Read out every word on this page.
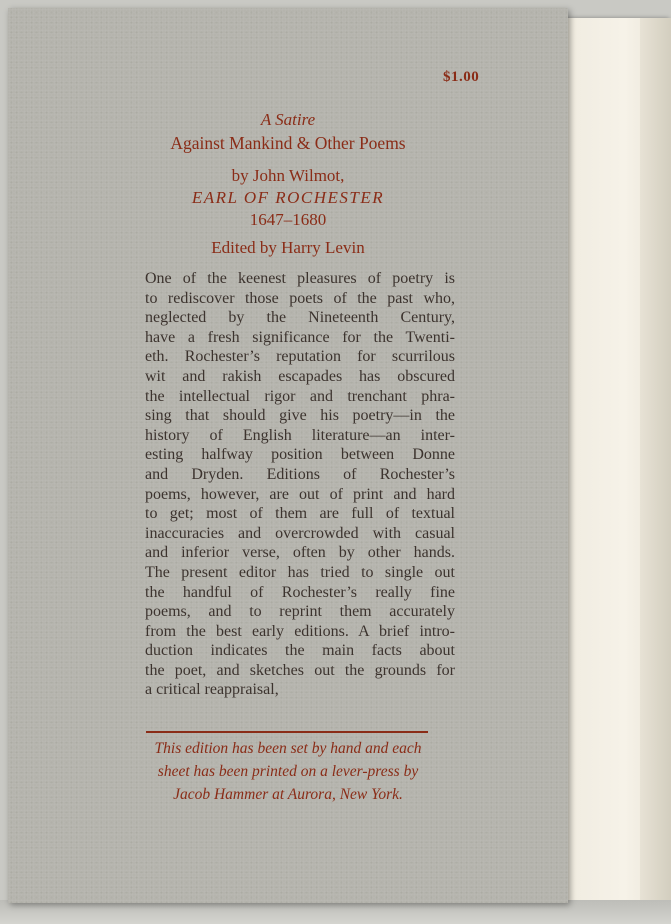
$1.00
A Satire
Against Mankind & Other Poems
by John Wilmot,
EARL OF ROCHESTER
1647–1680
Edited by Harry Levin
One of the keenest pleasures of poetry is
to rediscover those poets of the past who,
neglected by the Nineteenth Century,
have a fresh significance for the Twenti-
eth. Rochester’s reputation for scurrilous
wit and rakish escapades has obscured
the intellectual rigor and trenchant phra-
sing that should give his poetry—in the
history of English literature—an inter-
esting halfway position between Donne
and Dryden. Editions of Rochester’s
poems, however, are out of print and hard
to get; most of them are full of textual
inaccuracies and overcrowded with casual
and inferior verse, often by other hands.
The present editor has tried to single out
the handful of Rochester’s really fine
poems, and to reprint them accurately
from the best early editions. A brief intro-
duction indicates the main facts about
the poet, and sketches out the grounds for
a critical reappraisal,
This edition has been set by hand and each
sheet has been printed on a lever-press by
Jacob Hammer at Aurora, New York.
